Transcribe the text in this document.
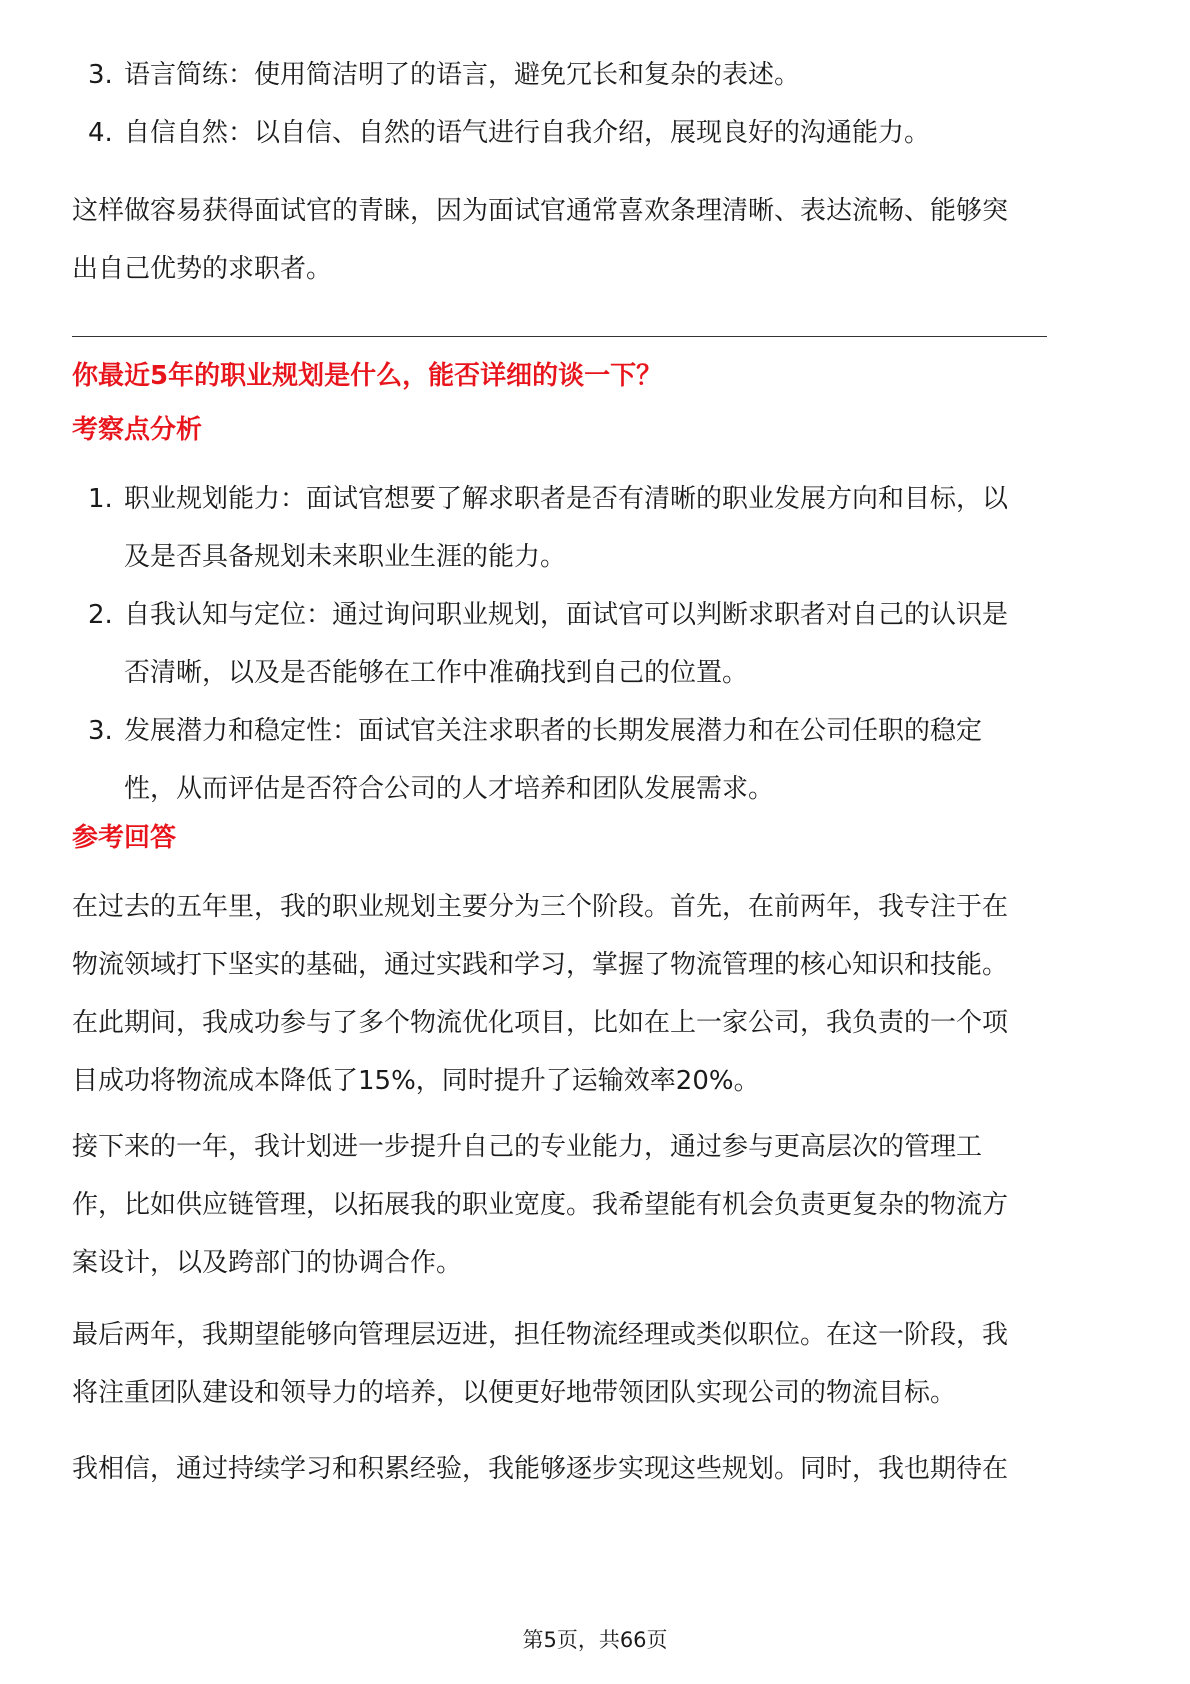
3. 语言简练：使用简洁明了的语言，避免冗长和复杂的表述。
4. 自信自然：以自信、自然的语气进行自我介绍，展现良好的沟通能力。

这样做容易获得面试官的青睐，因为面试官通常喜欢条理清晰、表达流畅、能够突

出自己优势的求职者。

你最近5年的职业规划是什么，能否详细的谈一下？

考察点分析

1. 职业规划能力：面试官想要了解求职者是否有清晰的职业发展方向和目标，以
及是否具备规划未来职业生涯的能力。
2. 自我认知与定位：通过询问职业规划，面试官可以判断求职者对自己的认识是
否清晰，以及是否能够在工作中准确找到自己的位置。
3. 发展潜力和稳定性：面试官关注求职者的长期发展潜力和在公司任职的稳定
性，从而评估是否符合公司的人才培养和团队发展需求。

参考回答

在过去的五年里，我的职业规划主要分为三个阶段。首先，在前两年，我专注于在

物流领域打下坚实的基础，通过实践和学习，掌握了物流管理的核心知识和技能。

在此期间，我成功参与了多个物流优化项目，比如在上一家公司，我负责的一个项

目成功将物流成本降低了15%，同时提升了运输效率20%。

接下来的一年，我计划进一步提升自己的专业能力，通过参与更高层次的管理工

作，比如供应链管理，以拓展我的职业宽度。我希望能有机会负责更复杂的物流方

案设计，以及跨部门的协调合作。

最后两年，我期望能够向管理层迈进，担任物流经理或类似职位。在这一阶段，我

将注重团队建设和领导力的培养，以便更好地带领团队实现公司的物流目标。

我相信，通过持续学习和积累经验，我能够逐步实现这些规划。同时，我也期待在

第5页，共66页
